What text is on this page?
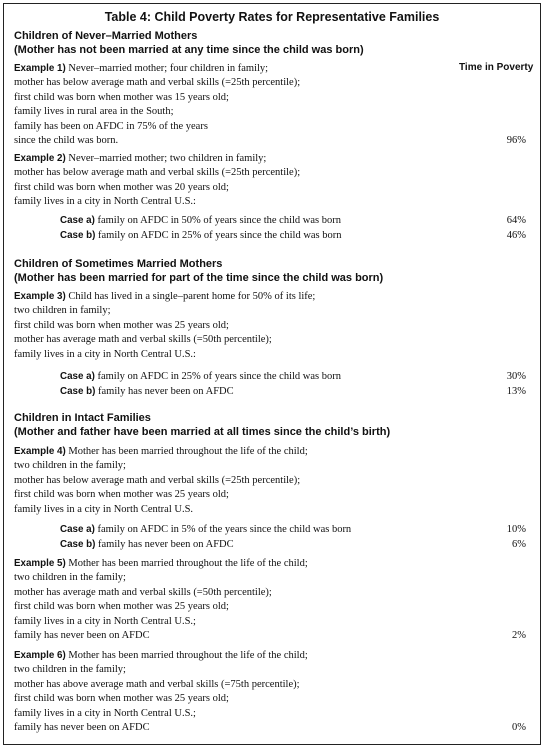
Table 4: Child Poverty Rates for Representative Families
Children of Never–Married Mothers
(Mother has not been married at any time since the child was born)
Time in Poverty
Example 1) Never–married mother; four children in family;
mother has below average math and verbal skills (=25th percentile);
first child was born when mother was 15 years old;
family lives in rural area in the South;
family has been on AFDC in 75% of the years
since the child was born.	96%
Example 2) Never–married mother; two children in family;
mother has below average math and verbal skills (=25th percentile);
first child was born when mother was 20 years old;
family lives in a city in North Central U.S.:
Case a) family on AFDC in 50% of years since the child was born	64%
Case b) family on AFDC in 25% of years since the child was born	46%
Children of Sometimes Married Mothers
(Mother has been married for part of the time since the child was born)
Example 3) Child has lived in a single–parent home for 50% of its life;
two children in family;
first child was born when mother was 25 years old;
mother has average math and verbal skills (=50th percentile);
family lives in a city in North Central U.S.:
Case a) family on AFDC in 25% of years since the child was born	30%
Case b) family has never been on AFDC	13%
Children in Intact Families
(Mother and father have been married at all times since the child’s birth)
Example 4) Mother has been married throughout the life of the child;
two children in the family;
mother has below average math and verbal skills (=25th percentile);
first child was born when mother was 25 years old;
family lives in a city in North Central U.S.
Case a) family on AFDC in 5% of the years since the child was born	10%
Case b) family has never been on AFDC	6%
Example 5) Mother has been married throughout the life of the child;
two children in the family;
mother has average math and verbal skills (=50th percentile);
first child was born when mother was 25 years old;
family lives in a city in North Central U.S.;
family has never been on AFDC	2%
Example 6) Mother has been married throughout the life of the child;
two children in the family;
mother has above average math and verbal skills (=75th percentile);
first child was born when mother was 25 years old;
family lives in a city in North Central U.S.;
family has never been on AFDC	0%
